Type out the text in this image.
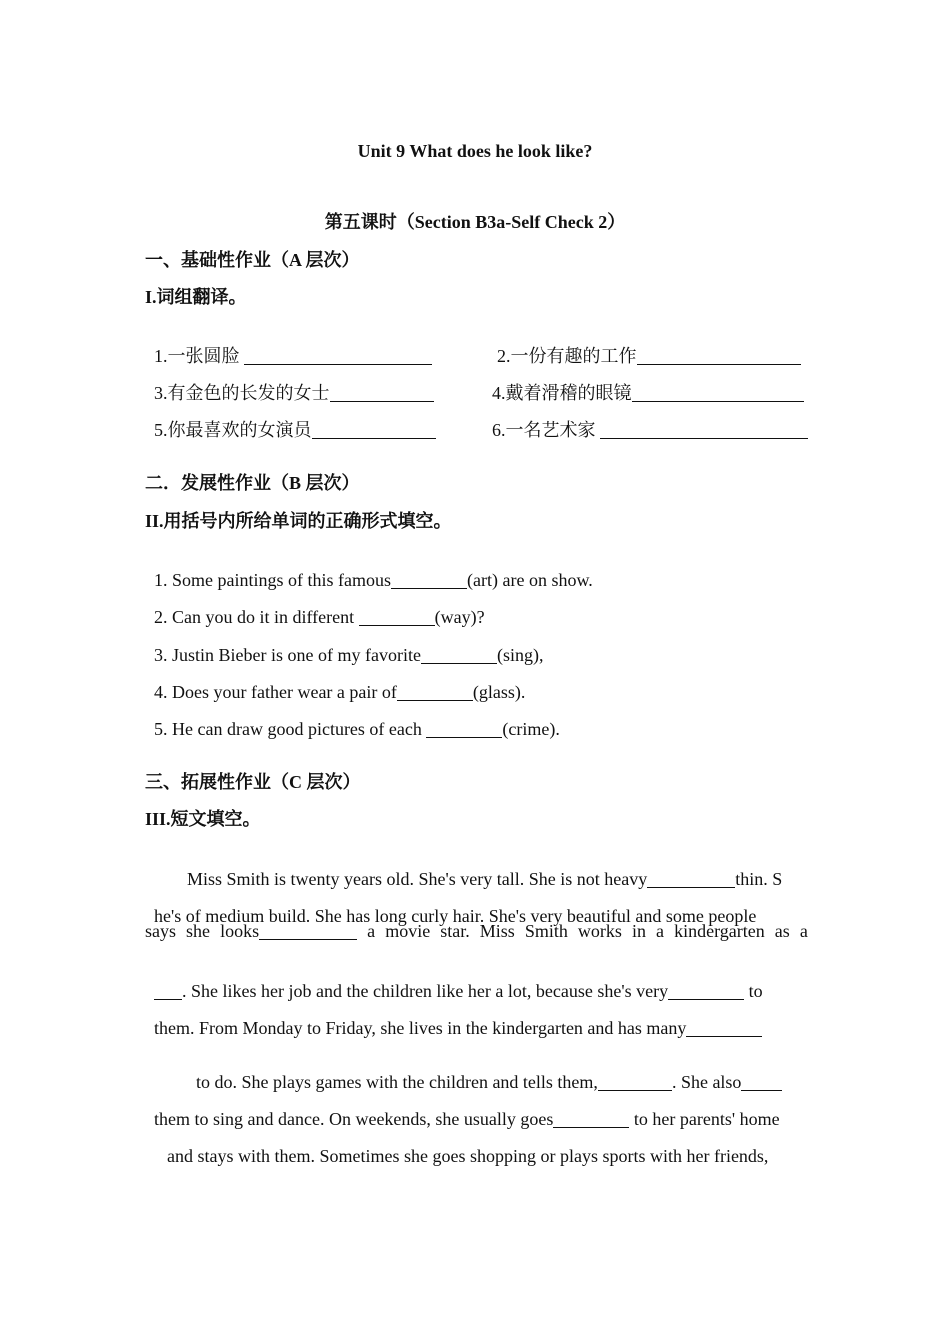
Unit 9 What does he look like?
第五课时（Section B3a-Self Check 2）
一、基础性作业（A 层次）
I.词组翻译。

1.一张圆脸	2.一份有趣的工作

3.有金色的长发的女士	4.戴着滑稽的眼镜

5.你最喜欢的女演员	6.一名艺术家

二．发展性作业（B 层次）
II.用括号内所给单词的正确形式填空。

1. Some paintings of this famous	(art) are on show.

2. Can you do it in different	(way)?

3. Justin Bieber is one of my favorite	(sing),

4. Does your father wear a pair of	(glass).

5. He can draw good pictures of each	(crime).

三、拓展性作业（C 层次）
III.短文填空。

Miss Smith is twenty years old. She's very tall. She is not heavy	thin. S

he's of medium build. She has long curly hair. She's very beautiful and some people

says she looks	a movie star. Miss Smith works in a kindergarten as a

. She likes her job and the children like her a lot, because she's very	to

them. From Monday to Friday, she lives in the kindergarten and has many

to do. She plays games with the children and tells them,	. She also

them to sing and dance. On weekends, she usually goes	to her parents' home

and stays with them. Sometimes she goes shopping or plays sports with her friends,
